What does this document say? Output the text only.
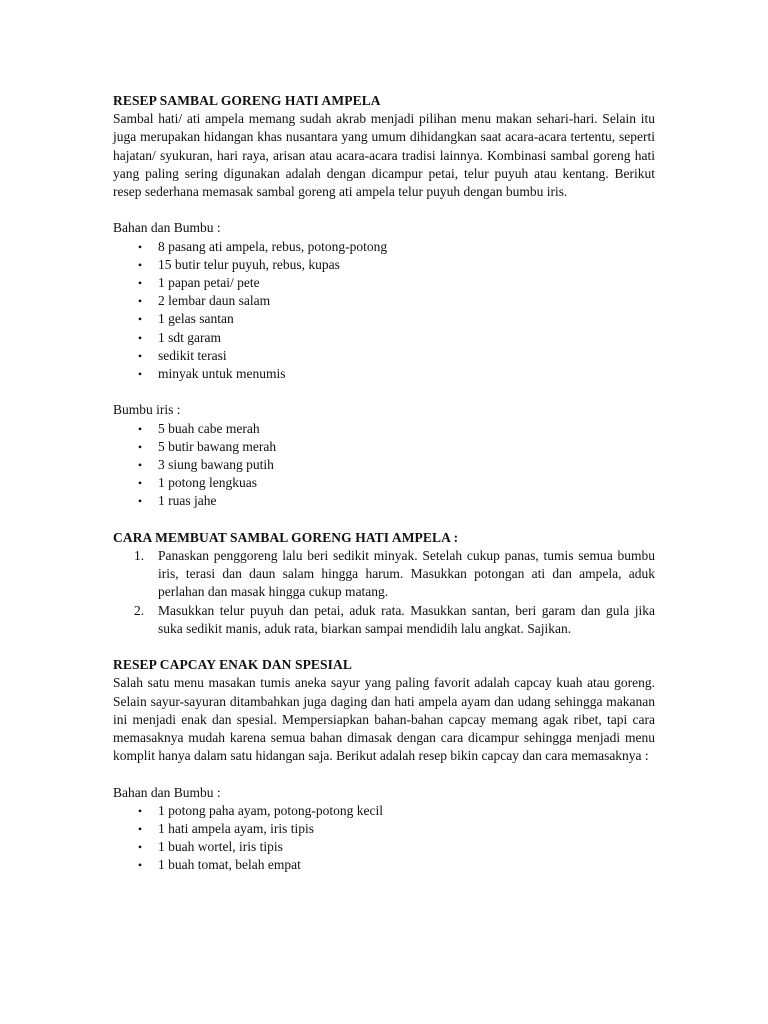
RESEP SAMBAL GORENG HATI AMPELA

Sambal hati/ ati ampela memang sudah akrab menjadi pilihan menu makan sehari-hari. Selain itu juga merupakan hidangan khas nusantara yang umum dihidangkan saat acara-acara tertentu, seperti hajatan/ syukuran, hari raya, arisan atau acara-acara tradisi lainnya. Kombinasi sambal goreng hati yang paling sering digunakan adalah dengan dicampur petai, telur puyuh atau kentang. Berikut resep sederhana memasak sambal goreng ati ampela telur puyuh dengan bumbu iris.

Bahan dan Bumbu :

• 8 pasang ati ampela, rebus, potong-potong
• 15 butir telur puyuh, rebus, kupas
• 1 papan petai/ pete
• 2 lembar daun salam
• 1 gelas santan
• 1 sdt garam
• sedikit terasi
• minyak untuk menumis

Bumbu iris :

• 5 buah cabe merah
• 5 butir bawang merah
• 3 siung bawang putih
• 1 potong lengkuas
• 1 ruas jahe
CARA MEMBUAT SAMBAL GORENG HATI AMPELA :
1. Panaskan penggoreng lalu beri sedikit minyak. Setelah cukup panas, tumis semua bumbu iris, terasi dan daun salam hingga harum. Masukkan potongan ati dan ampela, aduk perlahan dan masak hingga cukup matang.
2. Masukkan telur puyuh dan petai, aduk rata. Masukkan santan, beri garam dan gula jika suka sedikit manis, aduk rata, biarkan sampai mendidih lalu angkat. Sajikan.
RESEP CAPCAY ENAK DAN SPESIAL

Salah satu menu masakan tumis aneka sayur yang paling favorit adalah capcay kuah atau goreng. Selain sayur-sayuran ditambahkan juga daging dan hati ampela ayam dan udang sehingga makanan ini menjadi enak dan spesial. Mempersiapkan bahan-bahan capcay memang agak ribet, tapi cara memasaknya mudah karena semua bahan dimasak dengan cara dicampur sehingga menjadi menu komplit hanya dalam satu hidangan saja. Berikut adalah resep bikin capcay dan cara memasaknya :

Bahan dan Bumbu :

• 1 potong paha ayam, potong-potong kecil
• 1 hati ampela ayam, iris tipis
• 1 buah wortel, iris tipis
• 1 buah tomat, belah empat
